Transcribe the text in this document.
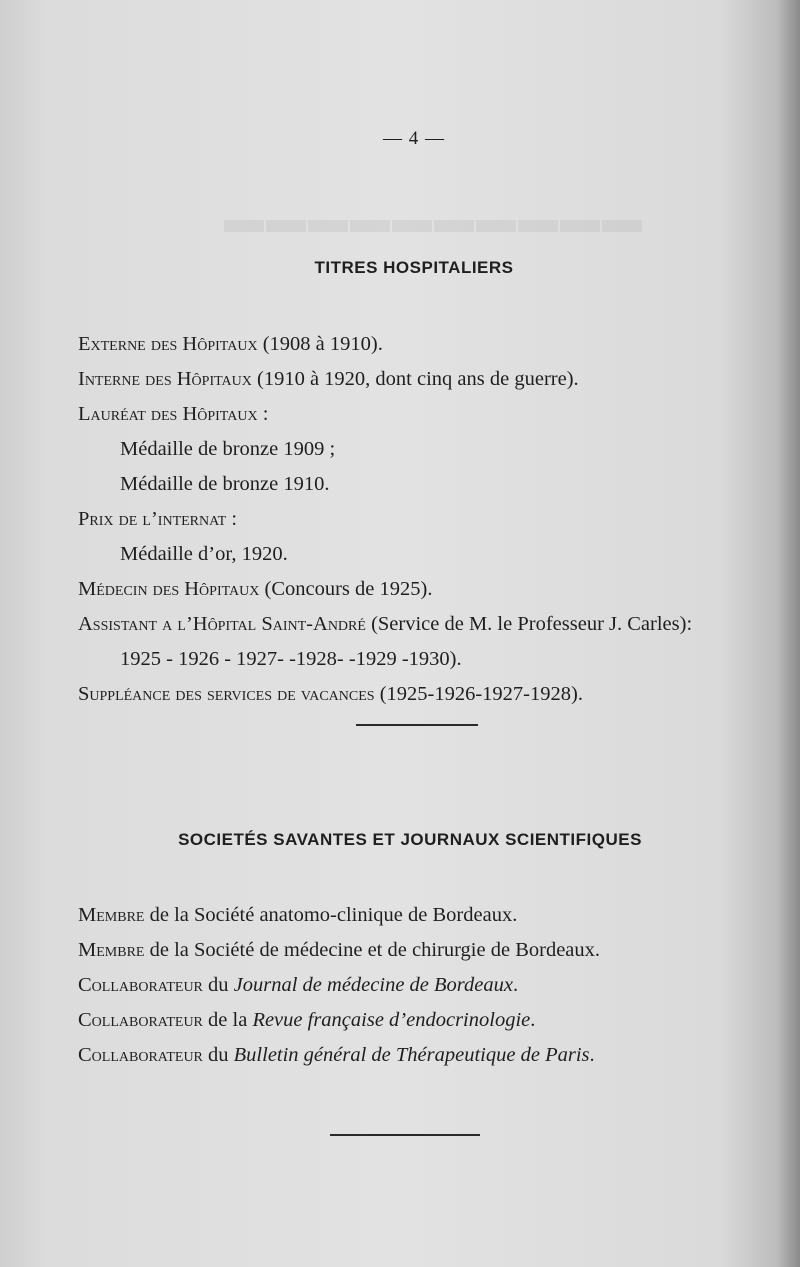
▬▬▬▬▬▬▬▬▬▬
— 4 —
TITRES HOSPITALIERS
Externe des Hôpitaux (1908 à 1910).
Interne des Hôpitaux (1910 à 1920, dont cinq ans de guerre).
Lauréat des Hôpitaux :
Médaille de bronze 1909 ;
Médaille de bronze 1910.
Prix de l’internat :
Médaille d’or, 1920.
Médecin des Hôpitaux (Concours de 1925).
Assistant a l’Hôpital Saint-André (Service de M. le Professeur J. Carles):
1925 - 1926 - 1927- -1928- -1929 -1930).
Suppléance des services de vacances (1925-1926-1927-1928).
SOCIETÉS SAVANTES ET JOURNAUX SCIENTIFIQUES
Membre de la Société anatomo-clinique de Bordeaux.
Membre de la Société de médecine et de chirurgie de Bordeaux.
Collaborateur du Journal de médecine de Bordeaux.
Collaborateur de la Revue française d’endocrinologie.
Collaborateur du Bulletin général de Thérapeutique de Paris.
